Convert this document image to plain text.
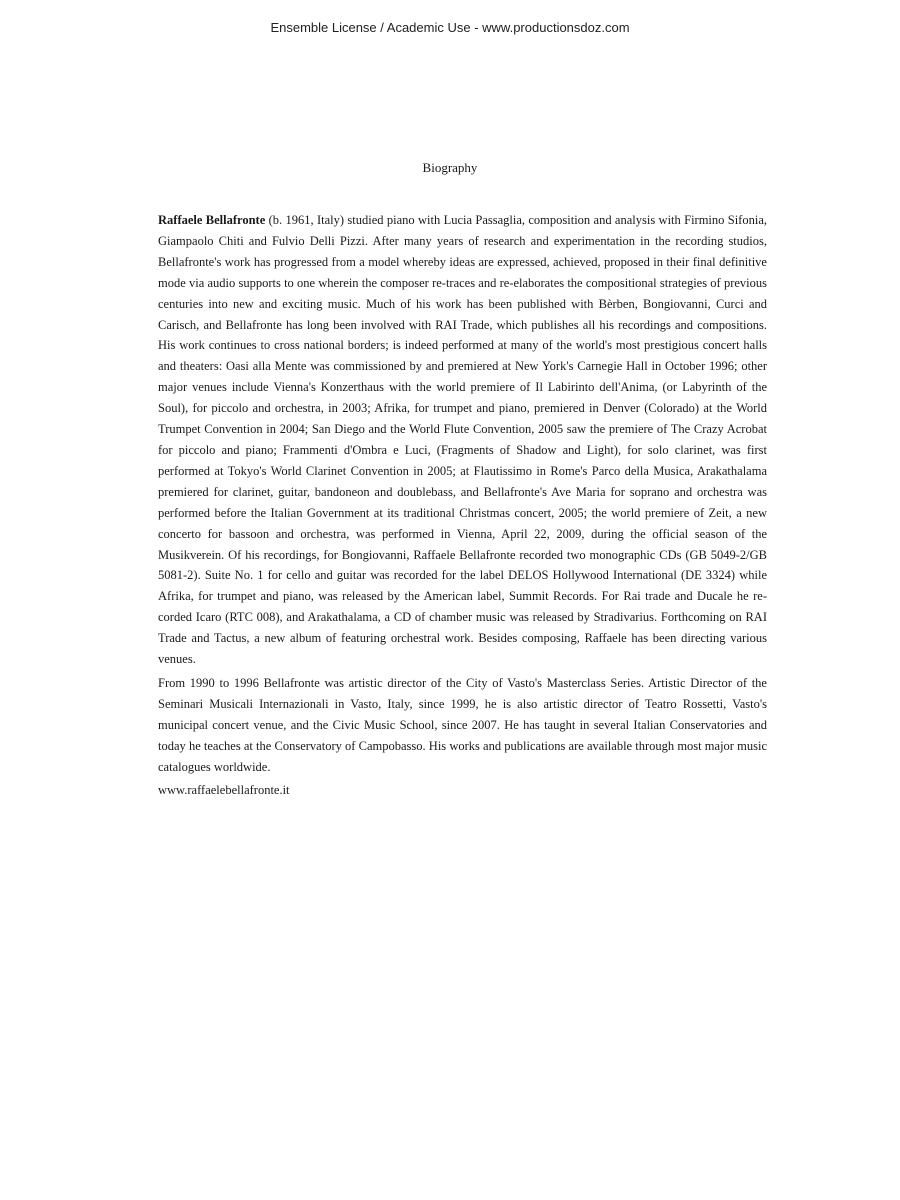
Ensemble License / Academic Use - www.productionsdoz.com
Biography

Raffaele Bellafronte (b. 1961, Italy) studied piano with Lucia Passaglia, composition and analysis with Firmino Sifonia, Giampaolo Chiti and Fulvio Delli Pizzi. After many years of research and experimentation in the recording studios, Bellafronte's work has progressed from a model whereby ideas are expressed, achieved, proposed in their final definitive mode via audio supports to one wherein the composer re-traces and re-elaborates the compositional strategies of previous centuries into new and exciting music. Much of his work has been published with Bèrben, Bongiovanni, Curci and Carisch, and Bellafronte has long been involved with RAI Trade, which publishes all his recordings and compositions. His work continues to cross national borders; is indeed performed at many of the world's most prestigious concert halls and theaters: Oasi alla Mente was commissioned by and premiered at New York's Carnegie Hall in October 1996; other major venues include Vienna's Konzerthaus with the world premiere of Il Labirinto dell'Anima, (or Labyrinth of the Soul), for piccolo and orchestra, in 2003; Afrika, for trumpet and piano, premiered in Denver (Colorado) at the World Trumpet Convention in 2004; San Diego and the World Flute Convention, 2005 saw the premiere of The Crazy Acrobat for piccolo and piano; Frammenti d'Ombra e Luci, (Fragments of Shadow and Light), for solo clarinet, was first performed at Tokyo's World Clarinet Convention in 2005; at Flautissimo in Rome's Parco della Musica, Arakathalama premiered for clarinet, guitar, bandoneon and doublebass, and Bellafronte's Ave Maria for soprano and orchestra was performed before the Italian Government at its traditional Christmas concert, 2005; the world premiere of Zeit, a new concerto for bassoon and orchestra, was performed in Vienna, April 22, 2009, during the official season of the Musikverein. Of his recordings, for Bongiovanni, Raffaele Bellafronte recorded two monographic CDs (GB 5049-2/GB 5081-2). Suite No. 1 for cello and guitar was recorded for the label DELOS Hollywood International (DE 3324) while Afrika, for trumpet and piano, was released by the American label, Summit Records. For Rai trade and Ducale he recorded Icaro (RTC 008), and Arakathalama, a CD of chamber music was released by Stradivarius. Forthcoming on RAI Trade and Tactus, a new album of featuring orchestral work. Besides composing, Raffaele has been directing various venues.

From 1990 to 1996 Bellafronte was artistic director of the City of Vasto's Masterclass Series. Artistic Director of the Seminari Musicali Internazionali in Vasto, Italy, since 1999, he is also artistic director of Teatro Rossetti, Vasto's municipal concert venue, and the Civic Music School, since 2007. He has taught in several Italian Conservatories and today he teaches at the Conservatory of Campobasso. His works and publications are available through most major music catalogues worldwide.

www.raffaelebellafronte.it
